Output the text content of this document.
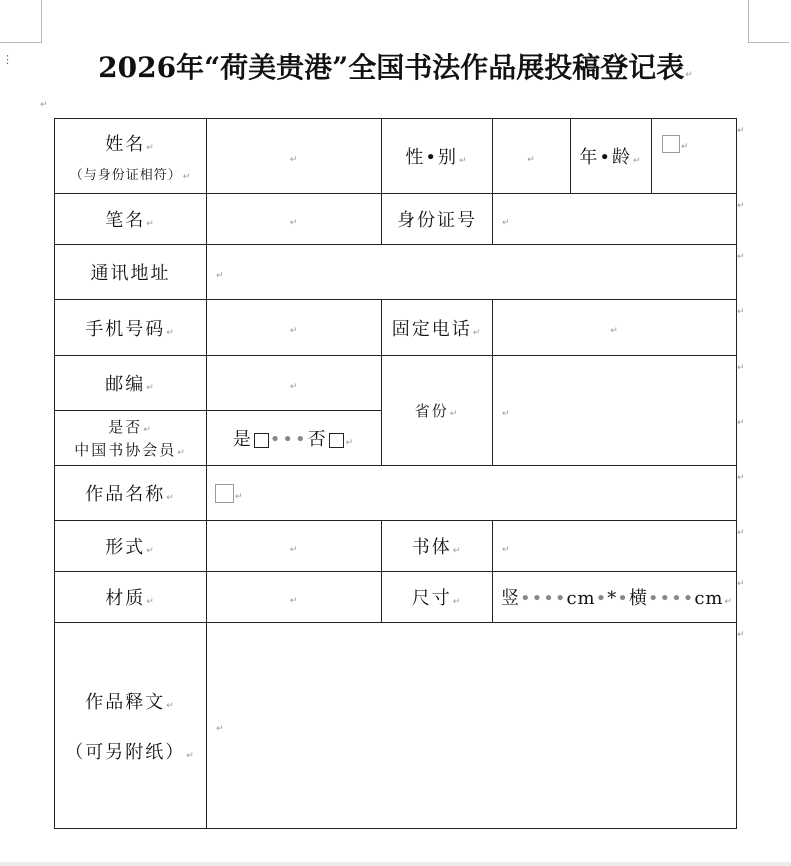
⋮	2026年“荷美贵港”全国书法作品展投稿登记表↵
↵
姓名↵
（与身份证相符）↵	↵	性•别↵	↵	年•龄↵	↵
笔名↵	↵	身份证号	↵		
通讯地址	↵				
手机号码↵	↵	固定电话↵	↵		
邮编↵	↵	省份↵	↵		

是否↵
中国书协会员↵	是 •••否 ↵				
作品名称↵	↵				
形式↵	↵	书体↵	↵		
材质↵	↵	尺寸↵	竖••••cm•*•横••••cm↵		

作品释文↵
（可另附纸）↵	↵				
↵
↵
↵
↵
↵
↵
↵
↵
↵
↵
